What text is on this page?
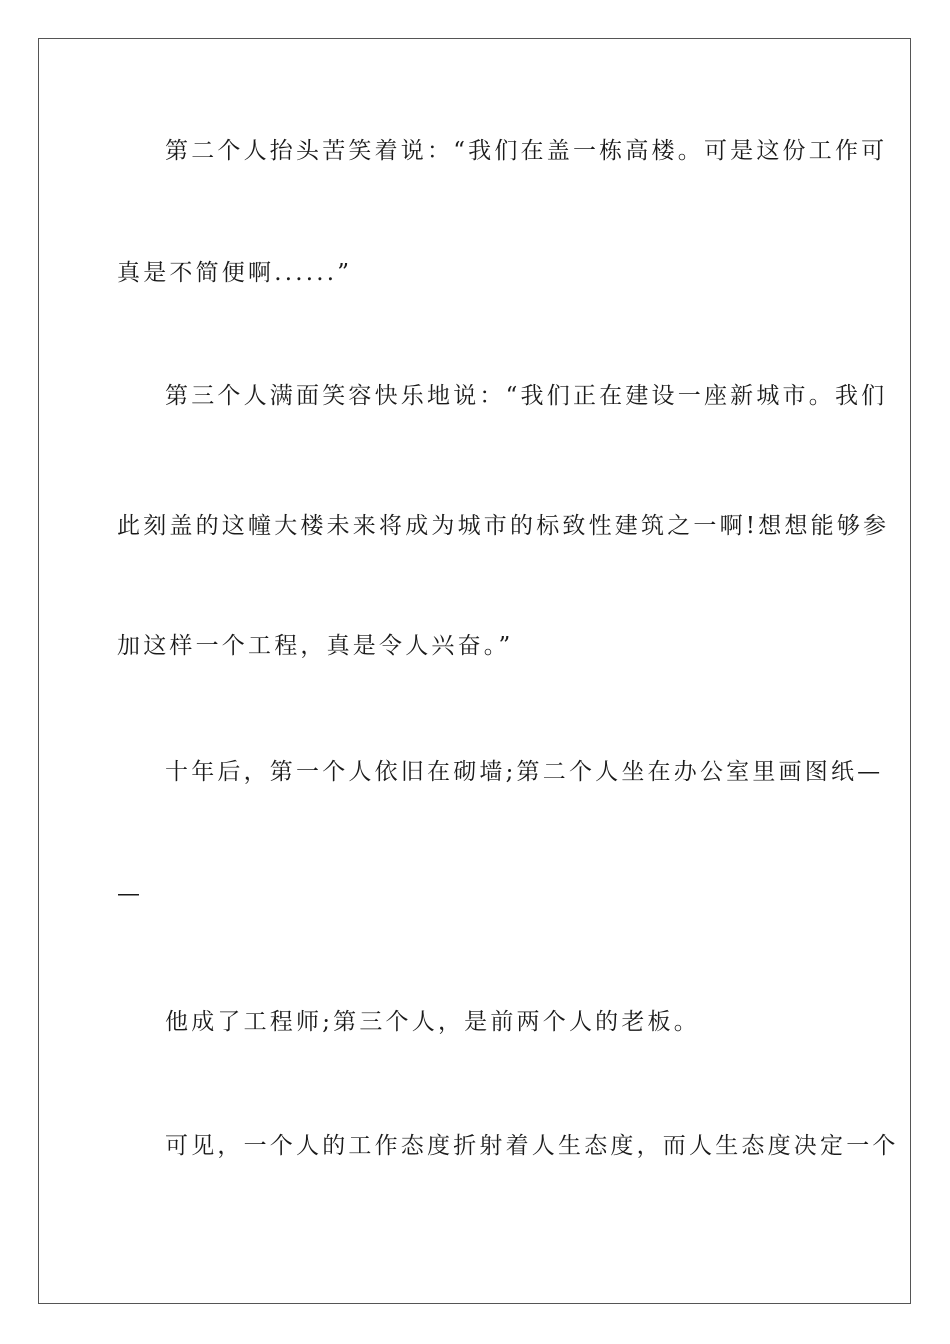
第二个人抬头苦笑着说：“我们在盖一栋高楼。可是这份工作可
真是不简便啊......”
第三个人满面笑容快乐地说：“我们正在建设一座新城市。我们
此刻盖的这幢大楼未来将成为城市的标致性建筑之一啊!想想能够参
加这样一个工程，真是令人兴奋。”
十年后，第一个人依旧在砌墙;第二个人坐在办公室里画图纸—
—
他成了工程师;第三个人，是前两个人的老板。
可见，一个人的工作态度折射着人生态度，而人生态度决定一个
